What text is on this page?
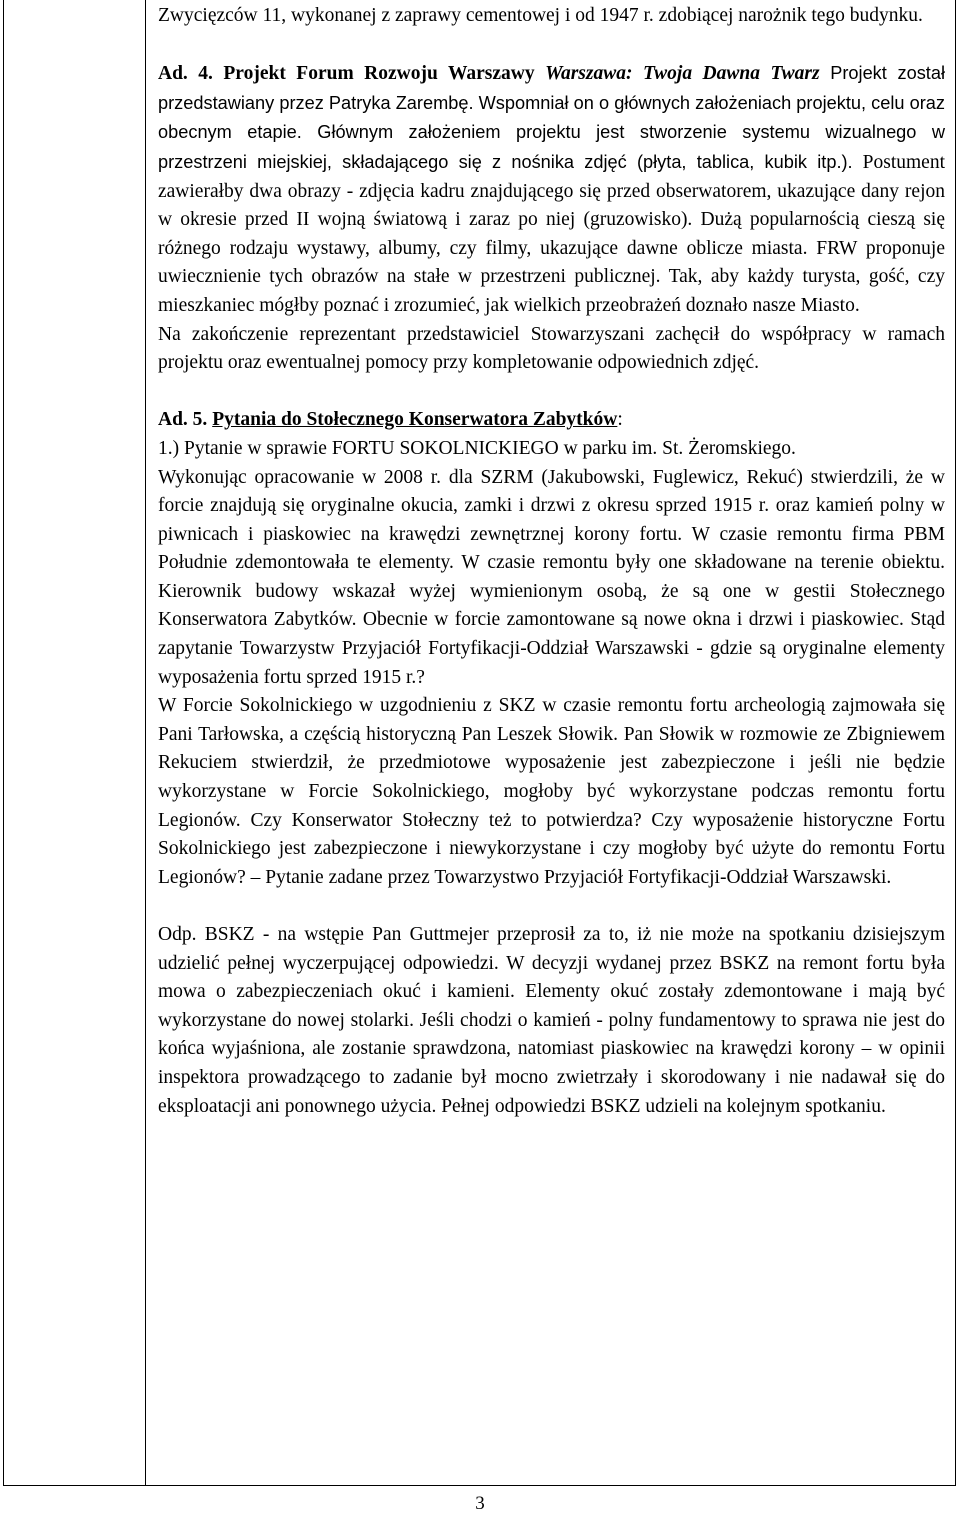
Zwycięzców 11, wykonanej z zaprawy cementowej i od 1947 r. zdobiącej narożnik tego budynku.

Ad. 4. Projekt Forum Rozwoju Warszawy Warszawa: Twoja Dawna Twarz Projekt został przedstawiany przez Patryka Zarembę. Wspomniał on o głównych założeniach projektu, celu oraz obecnym etapie. Głównym założeniem projektu jest stworzenie systemu wizualnego w przestrzeni miejskiej, składającego się z nośnika zdjęć (płyta, tablica, kubik itp.). Postument zawierałby dwa obrazy - zdjęcia kadru znajdującego się przed obserwatorem, ukazujące dany rejon w okresie przed II wojną światową i zaraz po niej (gruzowisko). Dużą popularnością cieszą się różnego rodzaju wystawy, albumy, czy filmy, ukazujące dawne oblicze miasta. FRW proponuje uwiecznienie tych obrazów na stałe w przestrzeni publicznej. Tak, aby każdy turysta, gość, czy mieszkaniec mógłby poznać i zrozumieć, jak wielkich przeobrażeń doznało nasze Miasto.

Na zakończenie reprezentant przedstawiciel Stowarzyszani zachęcił do współpracy w ramach projektu oraz ewentualnej pomocy przy kompletowanie odpowiednich zdjęć.

Ad. 5. Pytania do Stołecznego Konserwatora Zabytków:

1.) Pytanie w sprawie FORTU SOKOLNICKIEGO w parku im. St. Żeromskiego.

Wykonując opracowanie w 2008 r. dla SZRM (Jakubowski, Fuglewicz, Rekuć) stwierdzili, że w forcie znajdują się oryginalne okucia, zamki i drzwi z okresu sprzed 1915 r. oraz kamień polny w piwnicach i piaskowiec na krawędzi zewnętrznej korony fortu. W czasie remontu firma PBM Południe zdemontowała te elementy. W czasie remontu były one składowane na terenie obiektu. Kierownik budowy wskazał wyżej wymienionym osobą, że są one w gestii Stołecznego Konserwatora Zabytków. Obecnie w forcie zamontowane są nowe okna i drzwi i piaskowiec. Stąd zapytanie Towarzystw Przyjaciół Fortyfikacji-Oddział Warszawski - gdzie są oryginalne elementy wyposażenia fortu sprzed 1915 r.?

W Forcie Sokolnickiego w uzgodnieniu z SKZ w czasie remontu fortu archeologią zajmowała się Pani Tarłowska, a częścią historyczną Pan Leszek Słowik. Pan Słowik w rozmowie ze Zbigniewem Rekuciem stwierdził, że przedmiotowe wyposażenie jest zabezpieczone i jeśli nie będzie wykorzystane w Forcie Sokolnickiego, mogłoby być wykorzystane podczas remontu fortu Legionów. Czy Konserwator Stołeczny też to potwierdza? Czy wyposażenie historyczne Fortu Sokolnickiego jest zabezpieczone i niewykorzystane i czy mogłoby być użyte do remontu Fortu Legionów? – Pytanie zadane przez Towarzystwo Przyjaciół Fortyfikacji-Oddział Warszawski.

Odp. BSKZ - na wstępie Pan Guttmejer przeprosił za to, iż nie może na spotkaniu dzisiejszym udzielić pełnej wyczerpującej odpowiedzi. W decyzji wydanej przez BSKZ na remont fortu była mowa o zabezpieczeniach okuć i kamieni. Elementy okuć zostały zdemontowane i mają być wykorzystane do nowej stolarki. Jeśli chodzi o kamień - polny fundamentowy to sprawa nie jest do końca wyjaśniona, ale zostanie sprawdzona, natomiast piaskowiec na krawędzi korony – w opinii inspektora prowadzącego to zadanie był mocno zwietrzały i skorodowany i nie nadawał się do eksploatacji ani ponownego użycia. Pełnej odpowiedzi BSKZ udzieli na kolejnym spotkaniu.

3
